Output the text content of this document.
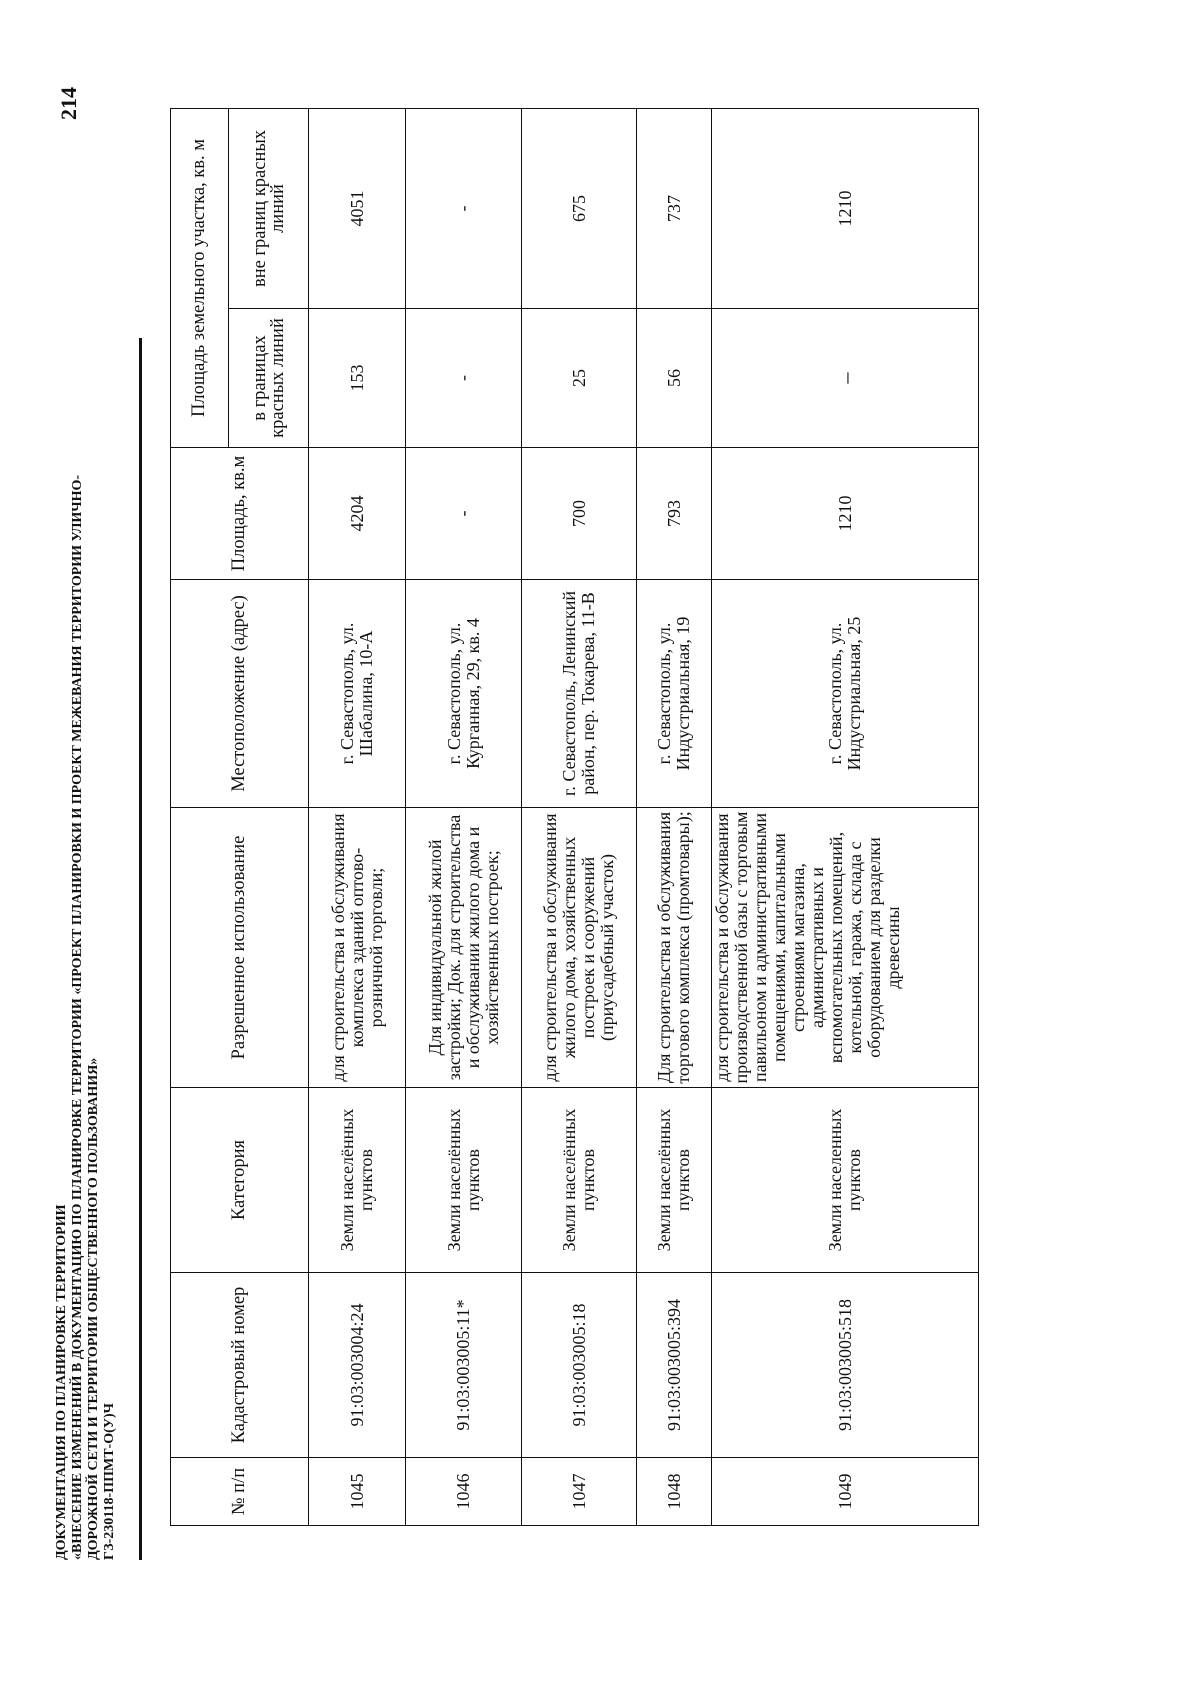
ДОКУМЕНТАЦИЯ ПО ПЛАНИРОВКЕ ТЕРРИТОРИИ «ВНЕСЕНИЕ ИЗМЕНЕНИЙ В ДОКУМЕНТАЦИЮ ПО ПЛАНИРОВКЕ ТЕРРИТОРИИ «ПРОЕКТ ПЛАНИРОВКИ И ПРОЕКТ МЕЖЕВАНИЯ ТЕРРИТОРИИ УЛИЧНО- ДОРОЖНОЙ СЕТИ И ТЕРРИТОРИИ ОБЩЕСТВЕННОГО ПОЛЬЗОВАНИЯ» ГЗ-230118-ППМТ-О(У)Ч
214
№ п/п	Кадастровый номер	Категория	Разрешенное использование	Местоположение (адрес)	Площадь, кв.м	Площадь земельного участка, кв. м	
						в границах красных линий	вне границ красных линий
1045	91:03:003004:24	Земли населённых пунктов	для строительства и обслуживания комплекса зданий оптово-розничной торговли;	г. Севастополь, ул. Шабалина, 10-А	4204	153	4051
1046	91:03:003005:11*	Земли населённых пунктов	Для индивидуальной жилой застройки; Док. для строительства и обслуживании жилого дома и хозяйственных построек;	г. Севастополь, ул. Курганная, 29, кв. 4	-	-	-
1047	91:03:003005:18	Земли населённых пунктов	для строительства и обслуживания жилого дома, хозяйственных построек и сооружений (приусадебный участок)	г. Севастополь, Ленинский район, пер. Токарева, 11-В	700	25	675
1048	91:03:003005:394	Земли населённых пунктов	Для строительства и обслуживания торгового комплекса (промтовары);	г. Севастополь, ул. Индустриальная, 19	793	56	737
1049	91:03:003005:518	Земли населенных пунктов	для строительства и обслуживания производственной базы с торговым павильоном и административными помещениями, капитальными строениями магазина, административных и вспомогательных помещений, котельной, гаража, склада с оборудованием для разделки древесины	г. Севастополь, ул. Индустриальная, 25	1210	–	1210
